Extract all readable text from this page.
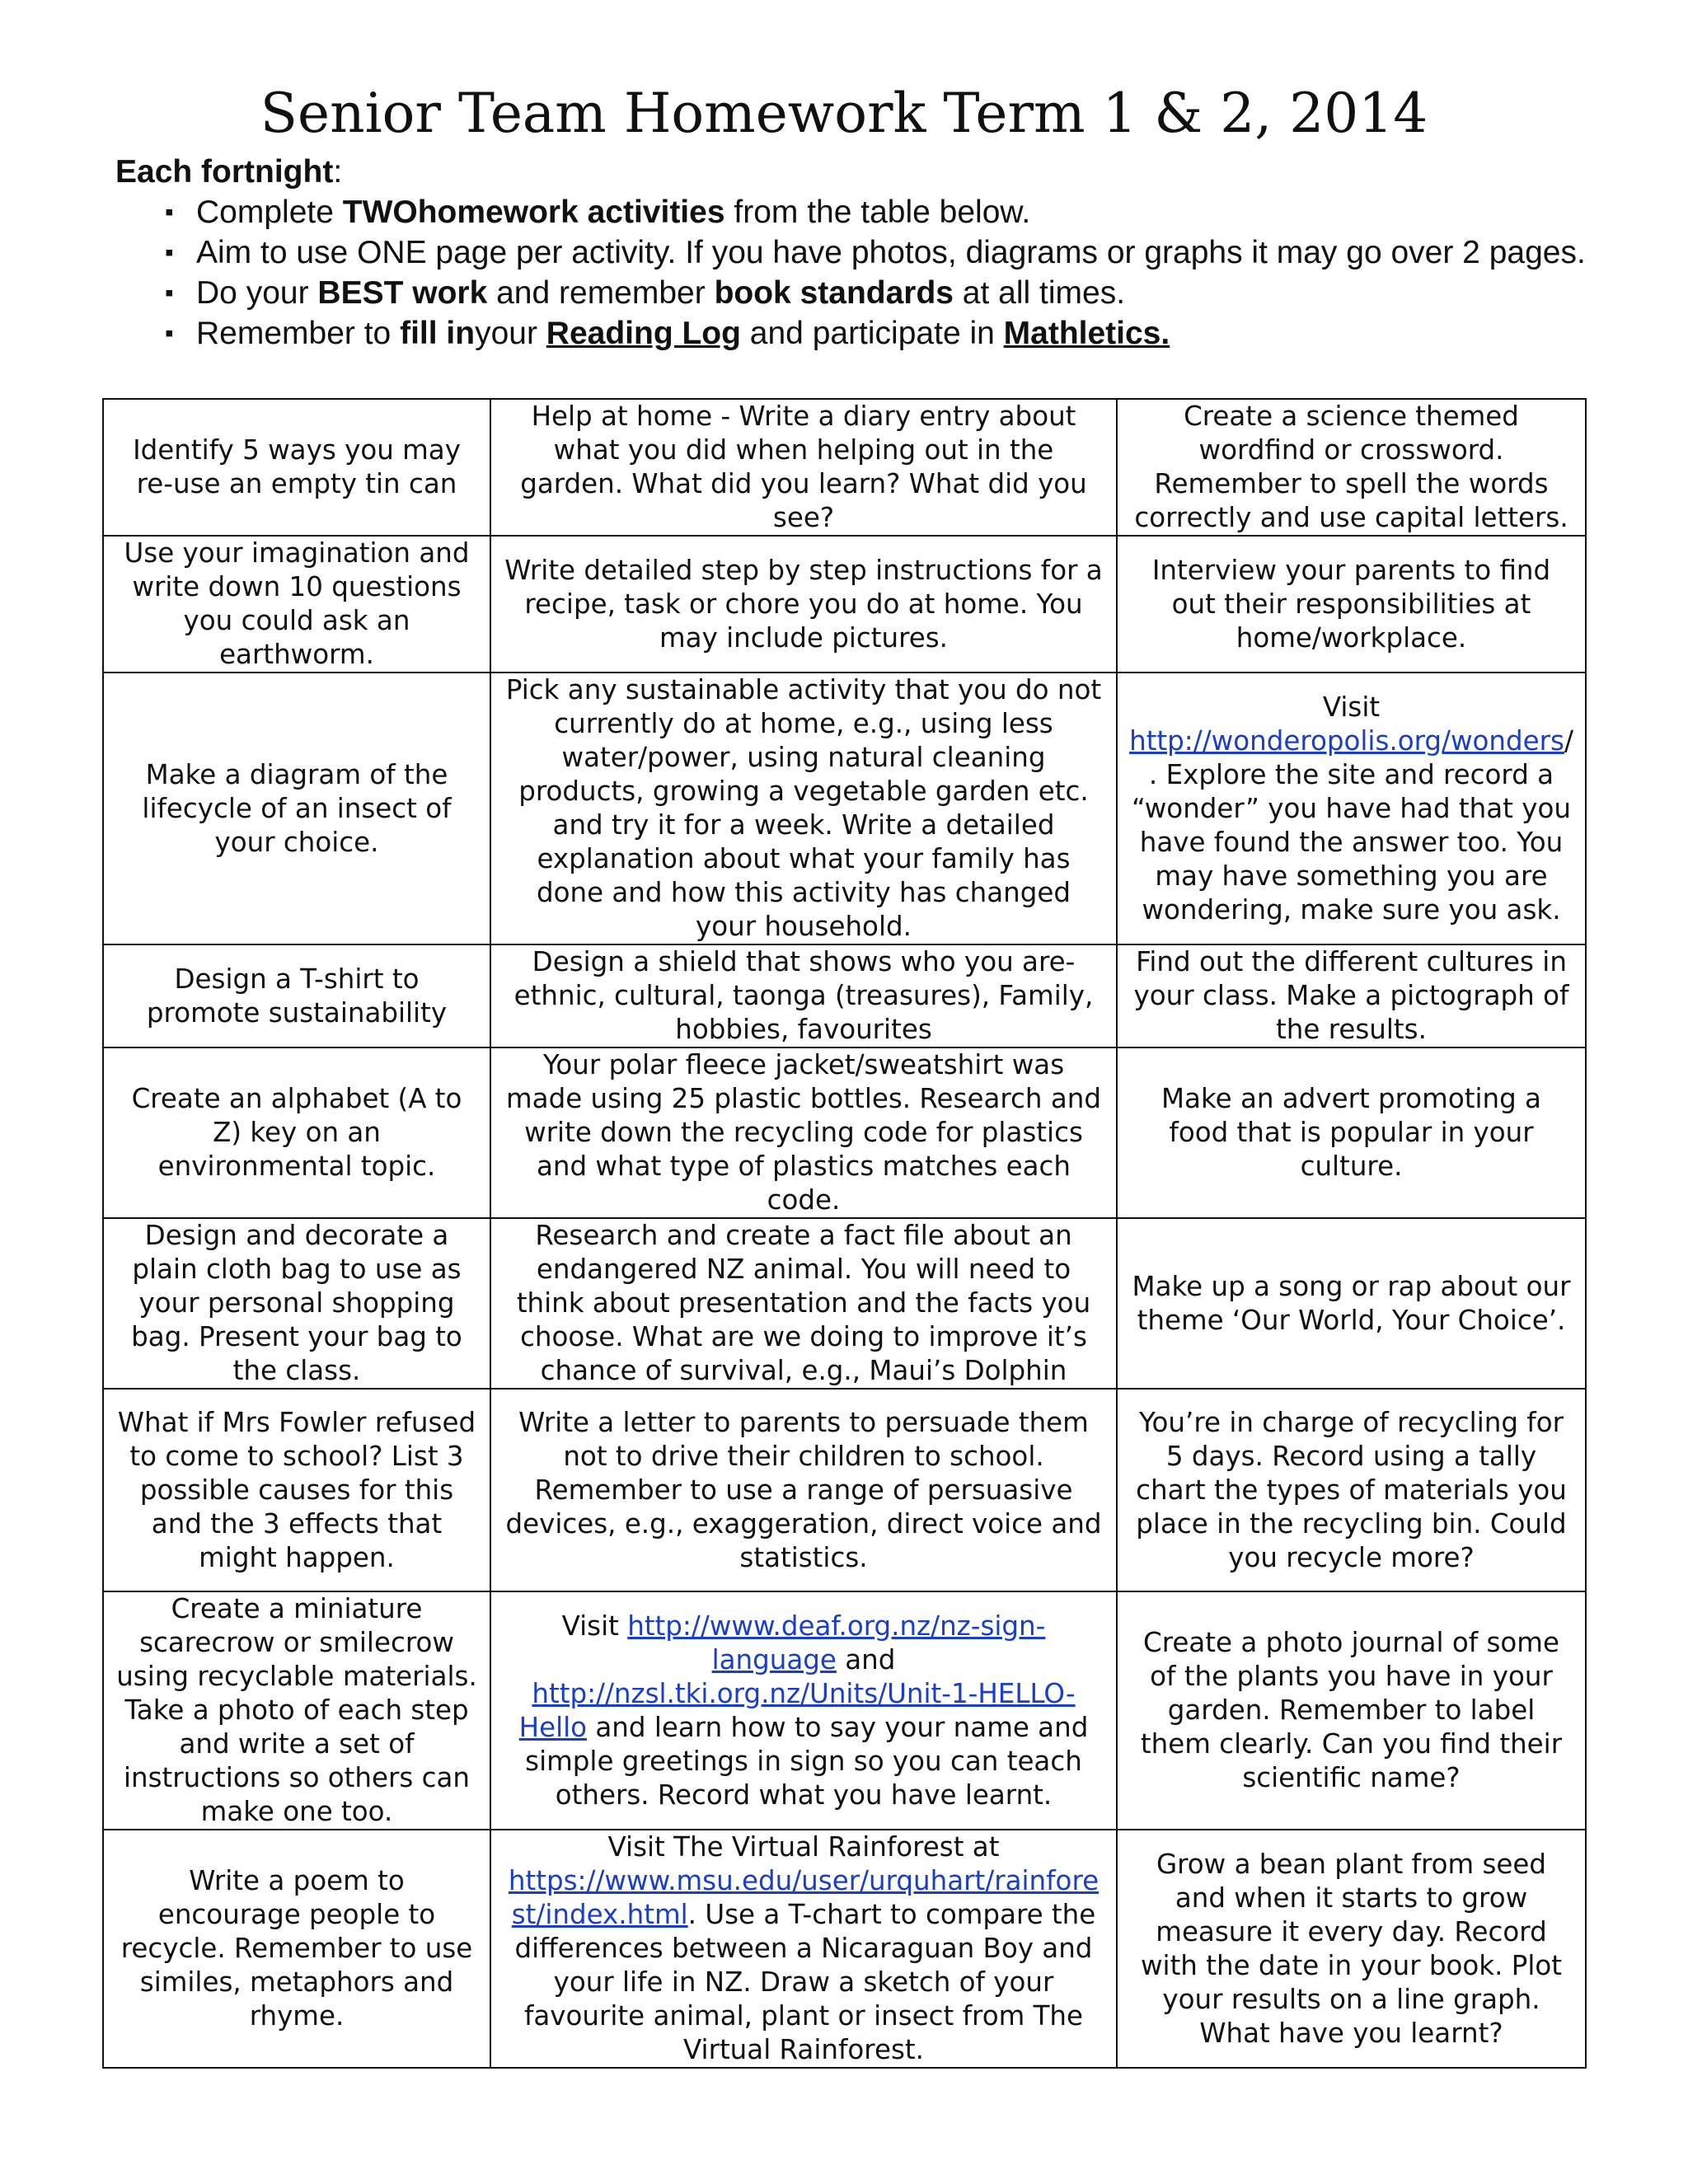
Senior Team Homework Term 1 & 2, 2014
Each fortnight:
▪ Complete TWOhomework activities from the table below.
▪ Aim to use ONE page per activity. If you have photos, diagrams or graphs it may go over 2 pages.
▪ Do your BEST work and remember book standards at all times.
▪ Remember to fill inyour Reading Log and participate in Mathletics.
Identify 5 ways you may re-use an empty tin can	Help at home - Write a diary entry about what you did when helping out in the garden. What did you learn? What did you see?	Create a science themed wordfind or crossword. Remember to spell the words correctly and use capital letters.
Use your imagination and write down 10 questions you could ask an earthworm.	Write detailed step by step instructions for a recipe, task or chore you do at home. You may include pictures.	Interview your parents to find out their responsibilities at home/workplace.
Make a diagram of the lifecycle of an insect of your choice.	Pick any sustainable activity that you do not currently do at home, e.g., using less water/power, using natural cleaning products, growing a vegetable garden etc. and try it for a week. Write a detailed explanation about what your family has done and how this activity has changed your household.	Visit http://wonderopolis.org/wonders/. Explore the site and record a “wonder” you have had that you have found the answer too. You may have something you are wondering, make sure you ask.
Design a T-shirt to promote sustainability	Design a shield that shows who you are- ethnic, cultural, taonga (treasures), Family, hobbies, favourites	Find out the different cultures in your class. Make a pictograph of the results.
Create an alphabet (A to Z) key on an environmental topic.	Your polar fleece jacket/sweatshirt was made using 25 plastic bottles. Research and write down the recycling code for plastics and what type of plastics matches each code.	Make an advert promoting a food that is popular in your culture.
Design and decorate a plain cloth bag to use as your personal shopping bag. Present your bag to the class.	Research and create a fact file about an endangered NZ animal. You will need to think about presentation and the facts you choose. What are we doing to improve it’s chance of survival, e.g., Maui’s Dolphin	Make up a song or rap about our theme ‘Our World, Your Choice’.
What if Mrs Fowler refused to come to school? List 3 possible causes for this and the 3 effects that might happen.	Write a letter to parents to persuade them not to drive their children to school. Remember to use a range of persuasive devices, e.g., exaggeration, direct voice and statistics.	You’re in charge of recycling for 5 days. Record using a tally chart the types of materials you place in the recycling bin. Could you recycle more?
Create a miniature scarecrow or smilecrow using recyclable materials. Take a photo of each step and write a set of instructions so others can make one too.	Visit http://www.deaf.org.nz/nz-sign-language and http://nzsl.tki.org.nz/Units/Unit-1-HELLO-Hello and learn how to say your name and simple greetings in sign so you can teach others. Record what you have learnt.	Create a photo journal of some of the plants you have in your garden. Remember to label them clearly. Can you find their scientific name?
Write a poem to encourage people to recycle. Remember to use similes, metaphors and rhyme.	Visit The Virtual Rainforest at https://www.msu.edu/user/urquhart/rainforest/index.html. Use a T-chart to compare the differences between a Nicaraguan Boy and your life in NZ. Draw a sketch of your favourite animal, plant or insect from The Virtual Rainforest.	Grow a bean plant from seed and when it starts to grow measure it every day. Record with the date in your book. Plot your results on a line graph. What have you learnt?
